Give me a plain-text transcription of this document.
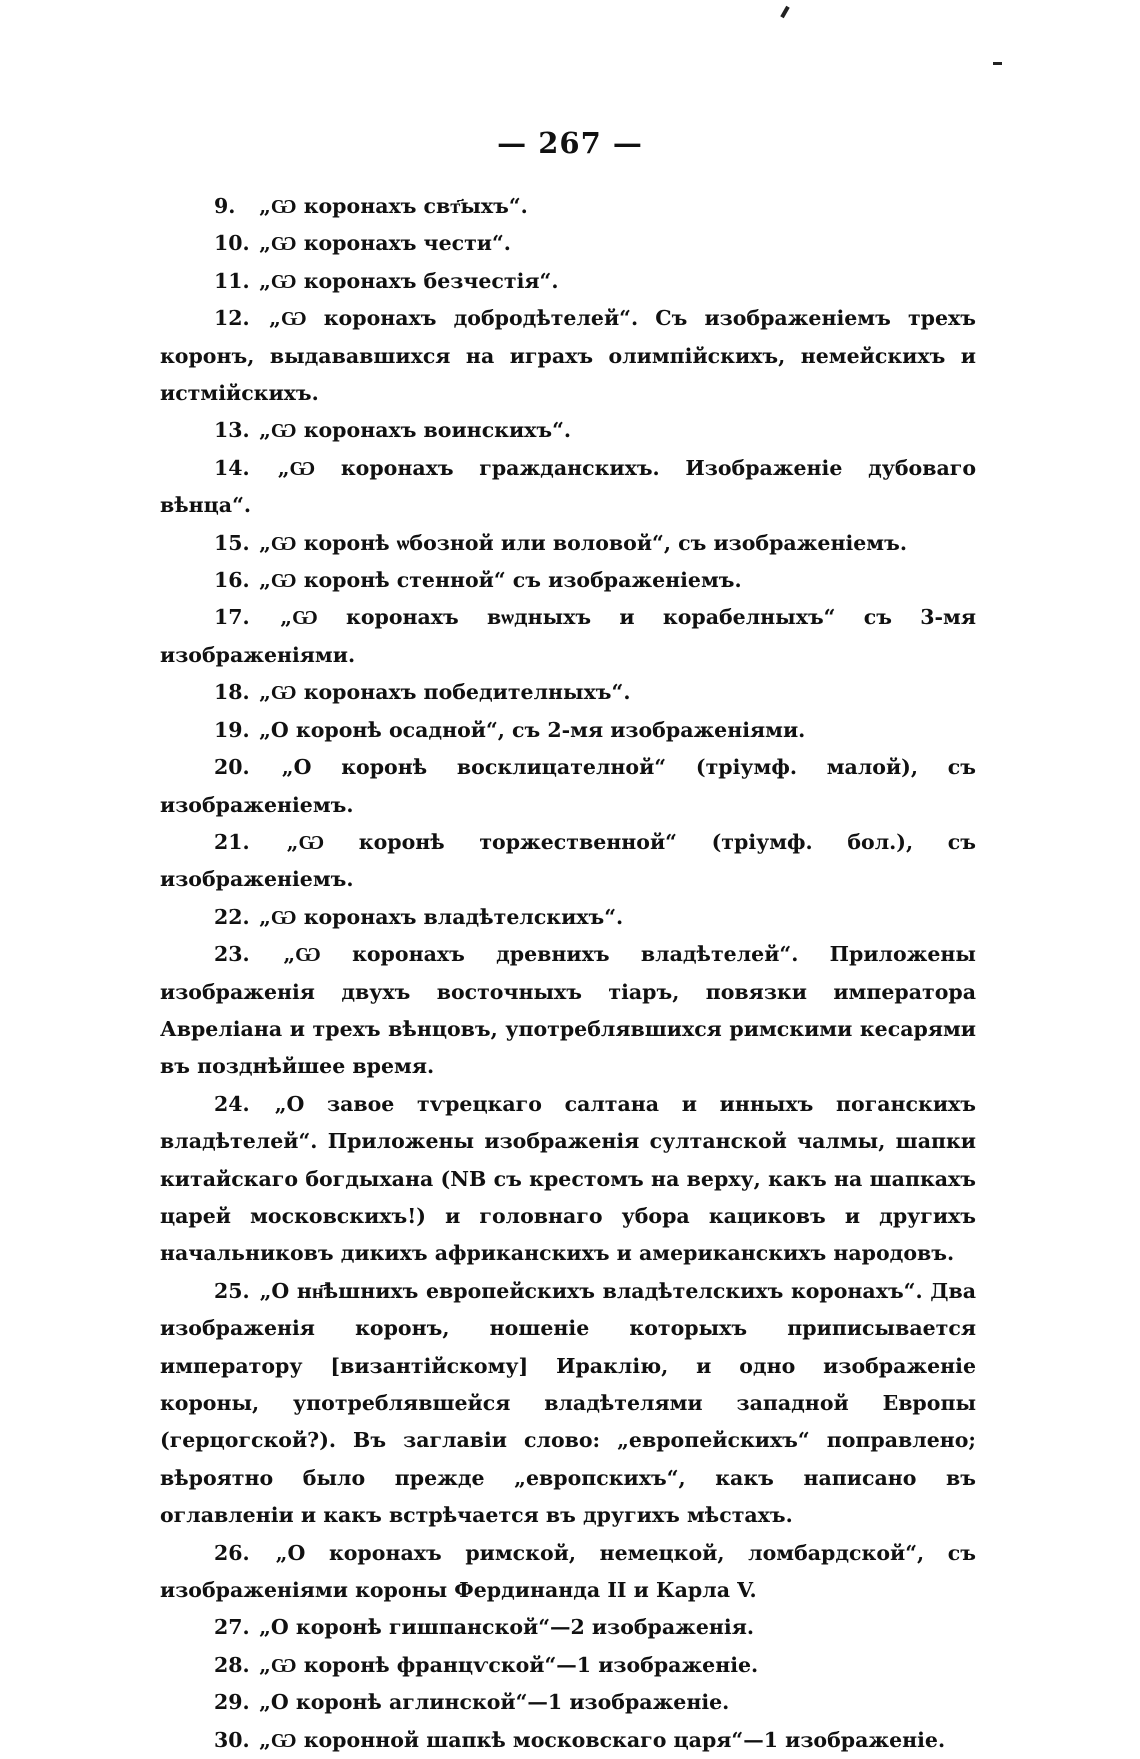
— 267 —

9. „Ѡ коронахъ свт҃ыхъ“.

10. „Ѡ коронахъ чести“.

11. „Ѡ коронахъ безчестія“.

12. „Ѡ коронахъ добродѣтелей“. Съ изображеніемъ трехъ коронъ, выдававшихся на играхъ олимпійскихъ, немейскихъ и истмійскихъ.

13. „Ѡ коронахъ воинскихъ“.

14. „Ѡ коронахъ гражданскихъ. Изображеніе дубоваго вѣнца“.

15. „Ѡ коронѣ ѡбозной или воловой“, съ изображеніемъ.

16. „Ѡ коронѣ стенной“ съ изображеніемъ.

17. „Ѡ коронахъ вѡдныхъ и корабелныхъ“ съ 3-мя изображеніями.

18. „Ѡ коронахъ победителныхъ“.

19. „О коронѣ осадной“, съ 2-мя изображеніями.

20. „О коронѣ восклицателной“ (тріумф. малой), съ изображеніемъ.

21. „Ѡ коронѣ торжественной“ (тріумф. бол.), съ изображеніемъ.

22. „Ѡ коронахъ владѣтелскихъ“.

23. „Ѡ коронахъ древнихъ владѣтелей“. Приложены изображенія двухъ восточныхъ тіаръ, повязки императора Авреліана и трехъ вѣнцовъ, употреблявшихся римскими кесарями въ позднѣйшее время.

24. „О завое тѵрецкаго салтана и инныхъ поганскихъ владѣтелей“. Приложены изображенія султанской чалмы, шапки китайскаго богдыхана (NB съ крестомъ на верху, какъ на шапкахъ царей московскихъ!) и головнаго убора кациковъ и другихъ начальниковъ дикихъ африканскихъ и американскихъ народовъ.

25. „О нн҃ѣшнихъ европейскихъ владѣтелскихъ коронахъ“. Два изображенія коронъ, ношеніе которыхъ приписывается императору [византійскому] Ираклію, и одно изображеніе короны, употреблявшейся владѣтелями западной Европы (герцогской?). Въ заглавіи слово: „европейскихъ“ поправлено; вѣроятно было прежде „европскихъ“, какъ написано въ оглавленіи и какъ встрѣчается въ другихъ мѣстахъ.

26. „О коронахъ римской, немецкой, ломбардской“, съ изображеніями короны Фердинанда II и Карла V.

27. „О коронѣ гишпанской“—2 изображенія.

28. „Ѡ коронѣ францѵской“—1 изображеніе.

29. „О коронѣ аглинской“—1 изображеніе.

30. „Ѡ коронной шапкѣ московскаго царя“—1 изображеніе.
